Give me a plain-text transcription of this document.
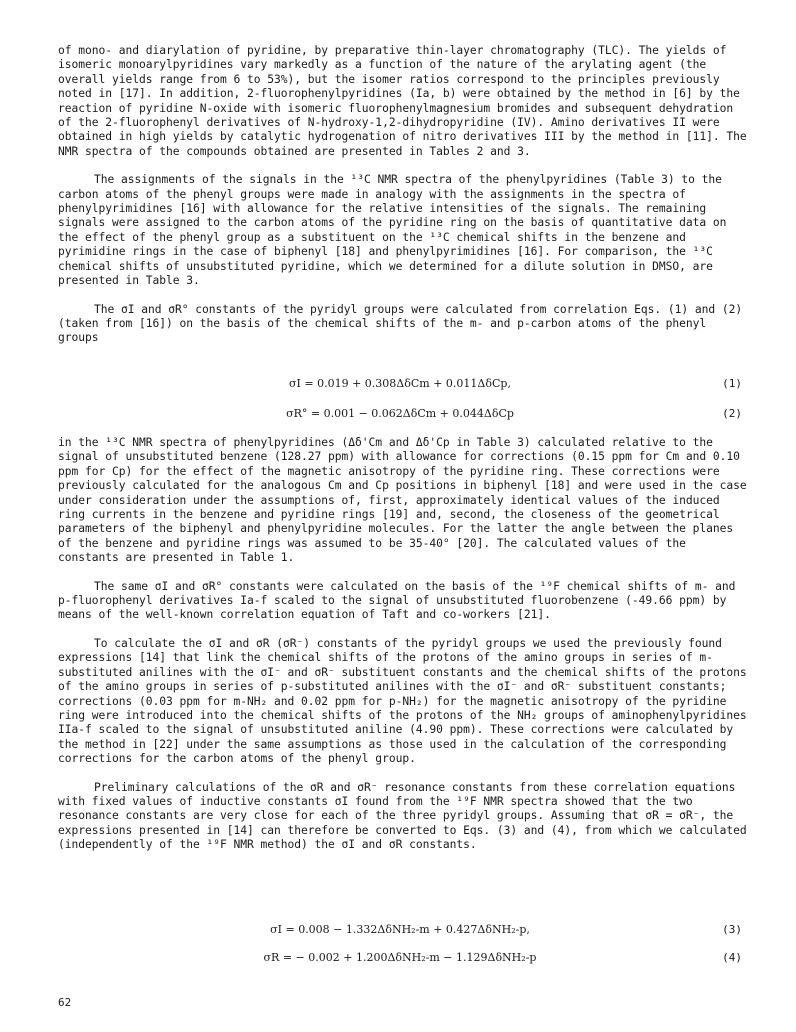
of mono- and diarylation of pyridine, by preparative thin-layer chromatography (TLC). The yields of isomeric monoarylpyridines vary markedly as a function of the nature of the arylating agent (the overall yields range from 6 to 53%), but the isomer ratios correspond to the principles previously noted in [17]. In addition, 2-fluorophenylpyridines (Ia, b) were obtained by the method in [6] by the reaction of pyridine N-oxide with isomeric fluorophenylmagnesium bromides and subsequent dehydration of the 2-fluorophenyl derivatives of N-hydroxy-1,2-dihydropyridine (IV). Amino derivatives II were obtained in high yields by catalytic hydrogenation of nitro derivatives III by the method in [11]. The NMR spectra of the compounds obtained are presented in Tables 2 and 3.

The assignments of the signals in the ¹³C NMR spectra of the phenylpyridines (Table 3) to the carbon atoms of the phenyl groups were made in analogy with the assignments in the spectra of phenylpyrimidines [16] with allowance for the relative intensities of the signals. The remaining signals were assigned to the carbon atoms of the pyridine ring on the basis of quantitative data on the effect of the phenyl group as a substituent on the ¹³C chemical shifts in the benzene and pyrimidine rings in the case of biphenyl [18] and phenylpyrimidines [16]. For comparison, the ¹³C chemical shifts of unsubstituted pyridine, which we determined for a dilute solution in DMSO, are presented in Table 3.

The σI and σR° constants of the pyridyl groups were calculated from correlation Eqs. (1) and (2) (taken from [16]) on the basis of the chemical shifts of the m- and p-carbon atoms of the phenyl groups

σI = 0.019 + 0.308ΔδCm + 0.011ΔδCp,	(1)
σR° = 0.001 − 0.062ΔδCm + 0.044ΔδCp	(2)

in the ¹³C NMR spectra of phenylpyridines (Δδ'Cm and Δδ'Cp in Table 3) calculated relative to the signal of unsubstituted benzene (128.27 ppm) with allowance for corrections (0.15 ppm for Cm and 0.10 ppm for Cp) for the effect of the magnetic anisotropy of the pyridine ring. These corrections were previously calculated for the analogous Cm and Cp positions in biphenyl [18] and were used in the case under consideration under the assumptions of, first, approximately identical values of the induced ring currents in the benzene and pyridine rings [19] and, second, the closeness of the geometrical parameters of the biphenyl and phenylpyridine molecules. For the latter the angle between the planes of the benzene and pyridine rings was assumed to be 35-40° [20]. The calculated values of the constants are presented in Table 1.

The same σI and σR° constants were calculated on the basis of the ¹⁹F chemical shifts of m- and p-fluorophenyl derivatives Ia-f scaled to the signal of unsubstituted fluorobenzene (-49.66 ppm) by means of the well-known correlation equation of Taft and co-workers [21].

To calculate the σI and σR (σR⁻) constants of the pyridyl groups we used the previously found expressions [14] that link the chemical shifts of the protons of the amino groups in series of m-substituted anilines with the σI⁻ and σR⁻ substituent constants and the chemical shifts of the protons of the amino groups in series of p-substituted anilines with the σI⁻ and σR⁻ substituent constants; corrections (0.03 ppm for m-NH₂ and 0.02 ppm for p-NH₂) for the magnetic anisotropy of the pyridine ring were introduced into the chemical shifts of the protons of the NH₂ groups of aminophenylpyridines IIa-f scaled to the signal of unsubstituted aniline (4.90 ppm). These corrections were calculated by the method in [22] under the same assumptions as those used in the calculation of the corresponding corrections for the carbon atoms of the phenyl group.

Preliminary calculations of the σR and σR⁻ resonance constants from these correlation equations with fixed values of inductive constants σI found from the ¹⁹F NMR spectra showed that the two resonance constants are very close for each of the three pyridyl groups. Assuming that σR = σR⁻, the expressions presented in [14] can therefore be converted to Eqs. (3) and (4), from which we calculated (independently of the ¹⁹F NMR method) the σI and σR constants.

σI = 0.008 − 1.332ΔδNH₂-m + 0.427ΔδNH₂-p,	(3)
σR = − 0.002 + 1.200ΔδNH₂-m − 1.129ΔδNH₂-p	(4)
62
